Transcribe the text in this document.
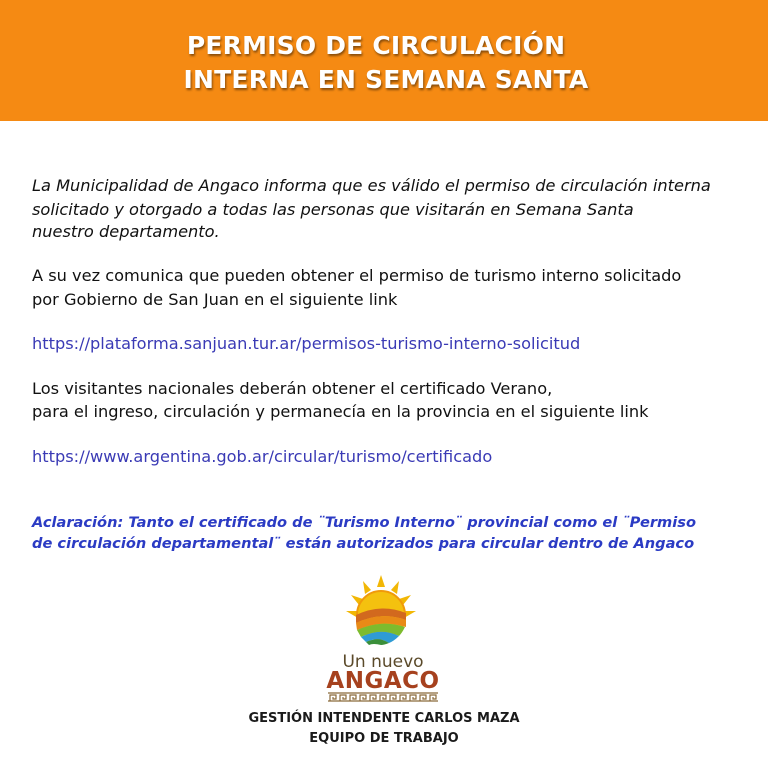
PERMISO DE CIRCULACIÓN
INTERNA EN SEMANA SANTA
La Municipalidad de Angaco informa que es válido el permiso de circulación interna
solicitado y otorgado a todas las personas que visitarán en Semana Santa
nuestro departamento.
A su vez comunica que pueden obtener el permiso de turismo interno solicitado
por Gobierno de San Juan en el siguiente link
https://plataforma.sanjuan.tur.ar/permisos-turismo-interno-solicitud
Los visitantes nacionales deberán obtener el certificado Verano,
para el ingreso, circulación y permanecía en la provincia en el siguiente link
https://www.argentina.gob.ar/circular/turismo/certificado
Aclaración: Tanto el certificado de ¨Turismo Interno¨ provincial como el ¨Permiso
de circulación departamental¨ están autorizados para circular dentro de Angaco
Un nuevo
ANGACO
GESTIÓN INTENDENTE CARLOS MAZA
EQUIPO DE TRABAJO
